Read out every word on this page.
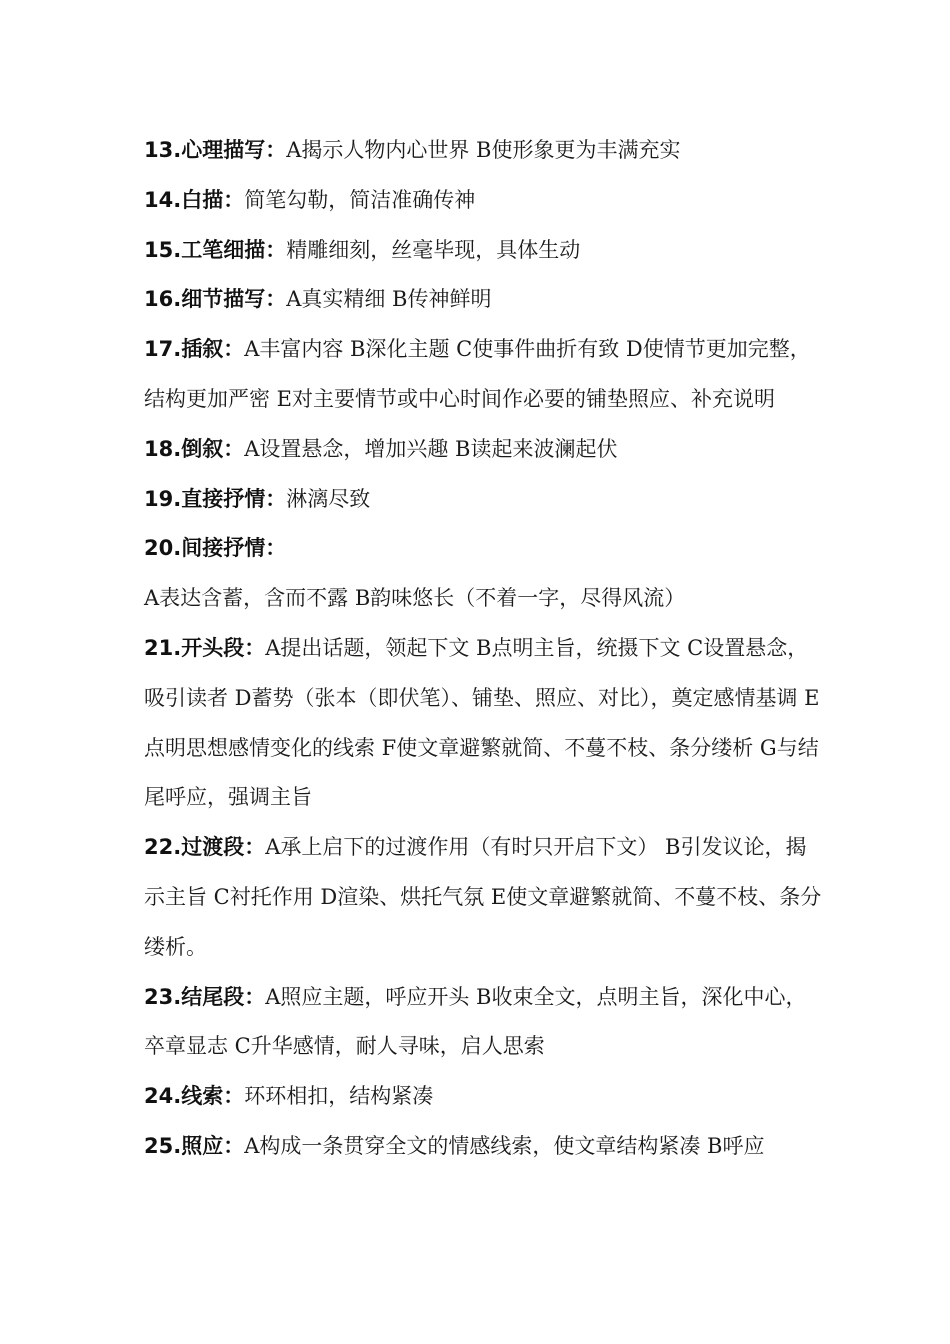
13.心理描写：A揭示人物内心世界 B使形象更为丰满充实

14.白描：简笔勾勒，简洁准确传神

15.工笔细描：精雕细刻，丝毫毕现，具体生动

16.细节描写：A真实精细 B传神鲜明

17.插叙：A丰富内容 B深化主题 C使事件曲折有致 D使情节更加完整，结构更加严密 E对主要情节或中心时间作必要的铺垫照应、补充说明

18.倒叙：A设置悬念，增加兴趣 B读起来波澜起伏

19.直接抒情：淋漓尽致

20.间接抒情：A表达含蓄，含而不露 B韵味悠长（不着一字，尽得风流）

21.开头段：A提出话题，领起下文 B点明主旨，统摄下文 C设置悬念，吸引读者 D蓄势（张本（即伏笔）、铺垫、照应、对比），奠定感情基调 E点明思想感情变化的线索 F使文章避繁就简、不蔓不枝、条分缕析 G与结尾呼应，强调主旨

22.过渡段：A承上启下的过渡作用（有时只开启下文） B引发议论，揭示主旨 C衬托作用 D渲染、烘托气氛 E使文章避繁就简、不蔓不枝、条分缕析。

23.结尾段：A照应主题，呼应开头 B收束全文，点明主旨，深化中心，卒章显志 C升华感情，耐人寻味，启人思索

24.线索：环环相扣，结构紧凑

25.照应：A构成一条贯穿全文的情感线索，使文章结构紧凑 B呼应
